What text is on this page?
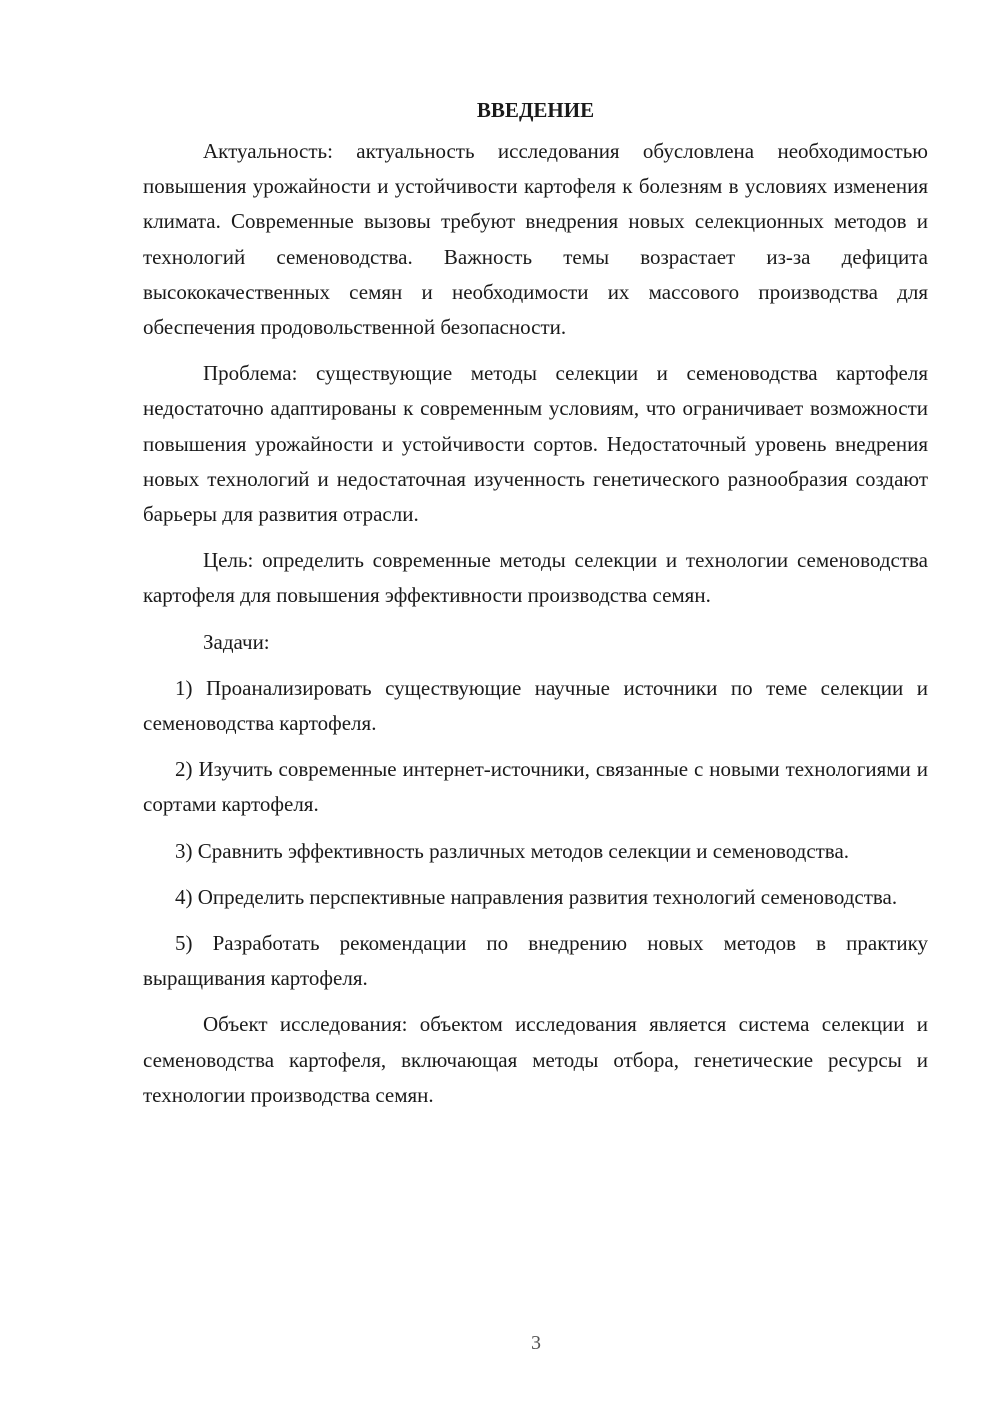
ВВЕДЕНИЕ

Актуальность: актуальность исследования обусловлена необходимостью повышения урожайности и устойчивости картофеля к болезням в условиях изменения климата. Современные вызовы требуют внедрения новых селекционных методов и технологий семеноводства. Важность темы возрастает из-за дефицита высококачественных семян и необходимости их массового производства для обеспечения продовольственной безопасности.

Проблема: существующие методы селекции и семеноводства картофеля недостаточно адаптированы к современным условиям, что ограничивает возможности повышения урожайности и устойчивости сортов. Недостаточный уровень внедрения новых технологий и недостаточная изученность генетического разнообразия создают барьеры для развития отрасли.

Цель: определить современные методы селекции и технологии семеноводства картофеля для повышения эффективности производства семян.

Задачи:

1) Проанализировать существующие научные источники по теме селекции и семеноводства картофеля.

2) Изучить современные интернет-источники, связанные с новыми технологиями и сортами картофеля.

3) Сравнить эффективность различных методов селекции и семеноводства.

4) Определить перспективные направления развития технологий семеноводства.

5) Разработать рекомендации по внедрению новых методов в практику выращивания картофеля.

Объект исследования: объектом исследования является система селекции и семеноводства картофеля, включающая методы отбора, генетические ресурсы и технологии производства семян.

3
